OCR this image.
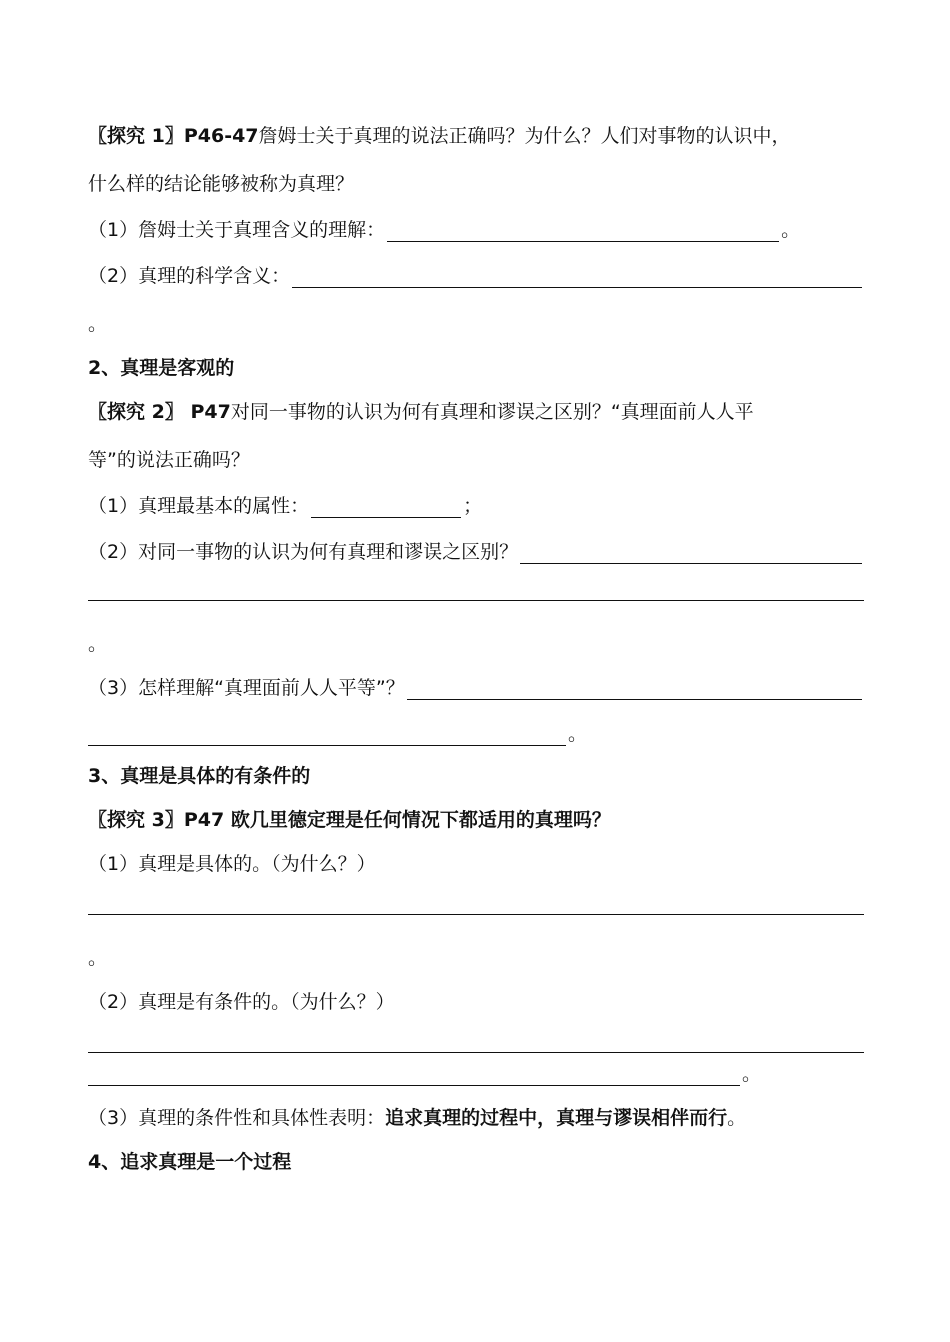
〖探究 1〗P46-47 詹姆士关于真理的说法正确吗？为什么？人们对事物的认识中，
什么样的结论能够被称为真理？
（1）詹姆士关于真理含义的理解：	。
（2）真理的科学含义：
。
2、真理是客观的
〖探究 2〗 P47 对同一事物的认识为何有真理和谬误之区别？“真理面前人人平
等”的说法正确吗？
（1）真理最基本的属性：	；
（2）对同一事物的认识为何有真理和谬误之区别？
。
（3）怎样理解“真理面前人人平等”？
。
3、真理是具体的有条件的
〖探究 3〗P47 欧几里德定理是任何情况下都适用的真理吗？
（1）真理是具体的。（为什么？）
。
（2）真理是有条件的。（为什么？）
。
（3）真理的条件性和具体性表明： 追求真理的过程中，真理与谬误相伴而行 。
4、追求真理是一个过程
